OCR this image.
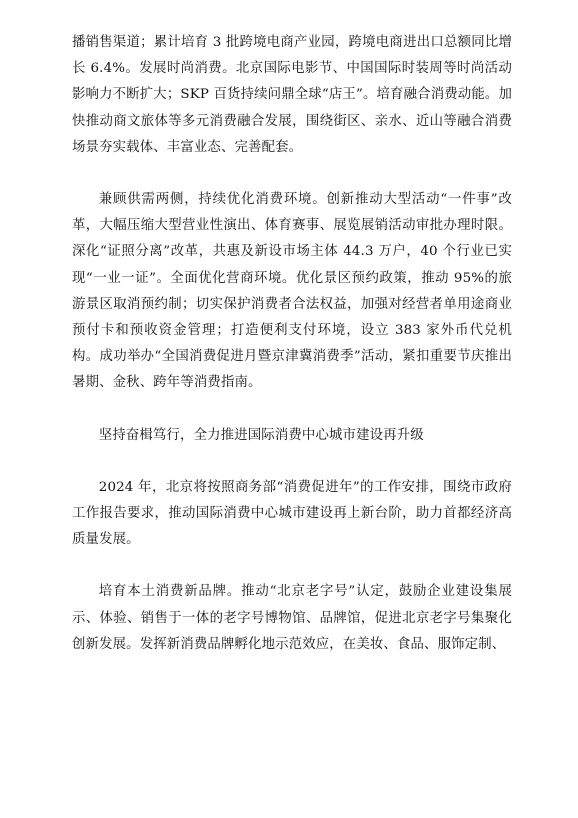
播销售渠道；累计培育 3 批跨境电商产业园，跨境电商进出口总额同比增长 6.4%。发展时尚消费。北京国际电影节、中国国际时装周等时尚活动影响力不断扩大；SKP 百货持续问鼎全球“店王”。培育融合消费动能。加快推动商文旅体等多元消费融合发展，围绕街区、亲水、近山等融合消费场景夯实载体、丰富业态、完善配套。

兼顾供需两侧，持续优化消费环境。创新推动大型活动“一件事”改革，大幅压缩大型营业性演出、体育赛事、展览展销活动审批办理时限。深化“证照分离”改革，共惠及新设市场主体 44.3 万户，40 个行业已实现“一业一证”。全面优化营商环境。优化景区预约政策，推动 95%的旅游景区取消预约制；切实保护消费者合法权益，加强对经营者单用途商业预付卡和预收资金管理；打造便利支付环境，设立 383 家外币代兑机构。成功举办“全国消费促进月暨京津冀消费季”活动，紧扣重要节庆推出暑期、金秋、跨年等消费指南。

坚持奋楫笃行，全力推进国际消费中心城市建设再升级

2024 年，北京将按照商务部“消费促进年”的工作安排，围绕市政府工作报告要求，推动国际消费中心城市建设再上新台阶，助力首都经济高质量发展。

培育本土消费新品牌。推动“北京老字号”认定，鼓励企业建设集展示、体验、销售于一体的老字号博物馆、品牌馆，促进北京老字号集聚化创新发展。发挥新消费品牌孵化地示范效应，在美妆、食品、服饰定制、
